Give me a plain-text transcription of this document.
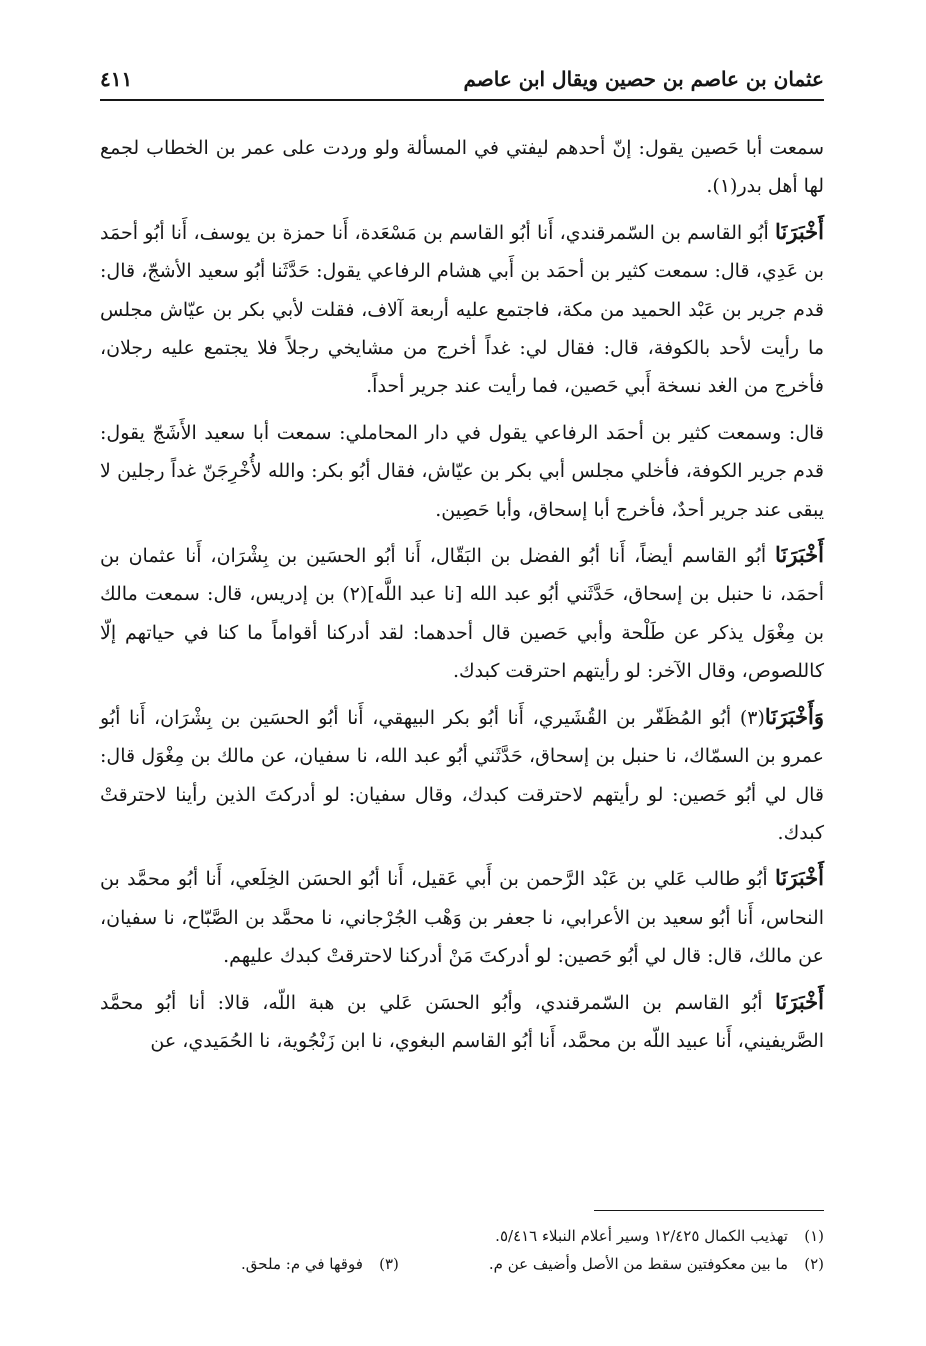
عثمان بن عاصم بن حصين ويقال ابن عاصم
٤١١

سمعت أبا حَصين يقول: إنّ أحدهم ليفتي في المسألة ولو وردت على عمر بن الخطاب لجمع لها أهل بدر(١).

أَخْبَرَنَا أبُو القاسم بن السّمرقندي، أَنا أبُو القاسم بن مَسْعَدة، أَنا حمزة بن يوسف، أَنا أبُو أحمَد بن عَدِي، قال: سمعت كثير بن أحمَد بن أَبي هشام الرفاعي يقول: حَدَّثَنا أبُو سعيد الأشجّ، قال: قدم جرير بن عَبْد الحميد من مكة، فاجتمع عليه أربعة آلاف، فقلت لأبي بكر بن عيّاش مجلس ما رأيت لأحد بالكوفة، قال: فقال لي: غداً أخرج من مشايخي رجلاً فلا يجتمع عليه رجلان، فأخرج من الغد نسخة أَبي حَصين، فما رأيت عند جرير أحداً.

قال: وسمعت كثير بن أحمَد الرفاعي يقول في دار المحاملي: سمعت أبا سعيد الأَشَجّ يقول: قدم جرير الكوفة، فأخلي مجلس أبي بكر بن عيّاش، فقال أبُو بكر: والله لأُخْرِجَنّ غداً رجلين لا يبقى عند جرير أحدٌ، فأخرج أبا إسحاق، وأبا حَصِين.

أَخْبَرَنَا أبُو القاسم أيضاً، أَنا أبُو الفضل بن البَقّال، أَنا أبُو الحسَين بن بِشْرَان، أَنا عثمان بن أحمَد، نا حنبل بن إسحاق، حَدَّثَني أبُو عبد الله [نا عبد اللَّه](٢) بن إدريس، قال: سمعت مالك بن مِغْوَل يذكر عن طَلْحة وأبي حَصين قال أحدهما: لقد أدركنا أقواماً ما كنا في حياتهم إلّا كاللصوص، وقال الآخر: لو رأيتهم احترقت كبدك.

وَأَخْبَرَنَا(٣) أبُو المُظَفّر بن القُشَيري، أَنا أبُو بكر البيهقي، أَنا أبُو الحسَين بن بِشْرَان، أَنا أبُو عمرو بن السمّاك، نا حنبل بن إسحاق، حَدَّثَني أبُو عبد الله، نا سفيان، عن مالك بن مِغْوَل قال: قال لي أبُو حَصين: لو رأيتهم لاحترقت كبدك، وقال سفيان: لو أدركتَ الذين رأينا لاحترقتْ كبدك.

أَخْبَرَنَا أبُو طالب عَلي بن عَبْد الرَّحمن بن أَبي عَقيل، أَنا أبُو الحسَن الخِلَعي، أَنا أبُو محمَّد بن النحاس، أَنا أبُو سعيد بن الأعرابي، نا جعفر بن وَهْب الجُرْجاني، نا محمَّد بن الصَّبّاح، نا سفيان، عن مالك، قال: قال لي أبُو حَصين: لو أدركتَ مَنْ أدركنا لاحترقتْ كبدك عليهم.

أَخْبَرَنَا أبُو القاسم بن السّمرقندي، وأبُو الحسَن عَلي بن هبة اللّه، قالا: أنا أبُو محمَّد الصَّريفيني، أَنا عبيد اللّه بن محمَّد، أَنا أبُو القاسم البغوي، نا ابن زَنْجُوية، نا الحُمَيدي، عن

(١)
تهذيب الكمال ١٢/٤٢٥ وسير أعلام النبلاء ٥/٤١٦.
(٢)
ما بين معكوفتين سقط من الأصل وأضيف عن م.
(٣)
فوقها في م: ملحق.
